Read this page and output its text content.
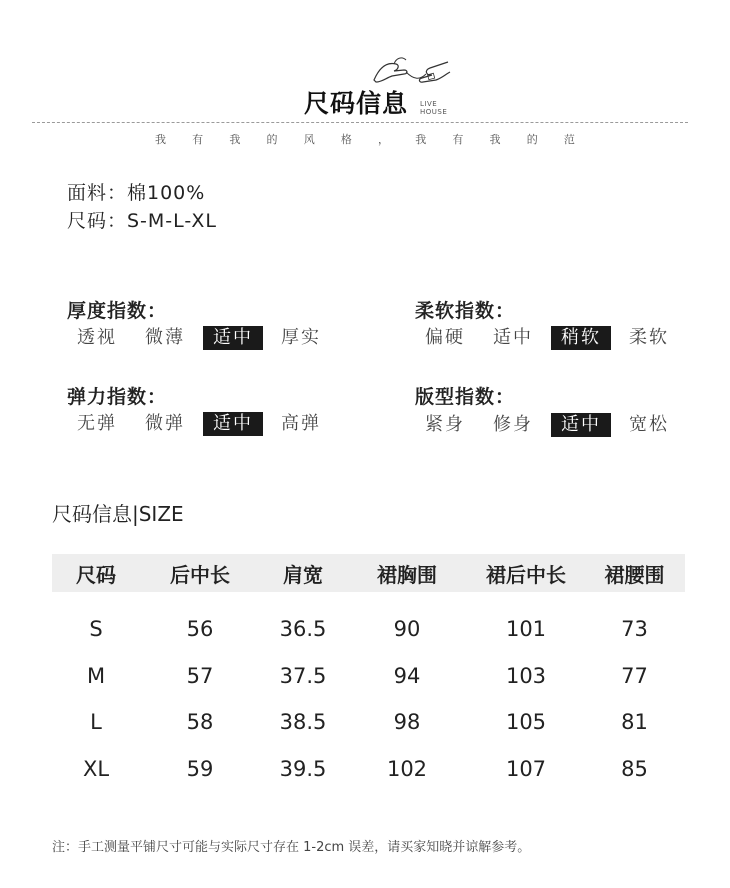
尺码信息 LIVE
HOUSE
我 有 我 的 风 格 ， 我 有 我 的 范
面料：棉100%
尺码：S-M-L-XL
厚度指数：
透视	微薄	适中	厚实
柔软指数：
偏硬	适中	稍软	柔软
弹力指数：
无弹	微弹	适中	高弹
版型指数：
紧身	修身	适中	宽松
尺码信息|SIZE
尺码	后中长	肩宽	裙胸围	裙后中长	裙腰围
S	56	36.5	90	101	73
M	57	37.5	94	103	77
L	58	38.5	98	105	81
XL	59	39.5	102	107	85
注：手工测量平铺尺寸可能与实际尺寸存在 1-2cm 误差，请买家知晓并谅解参考。
